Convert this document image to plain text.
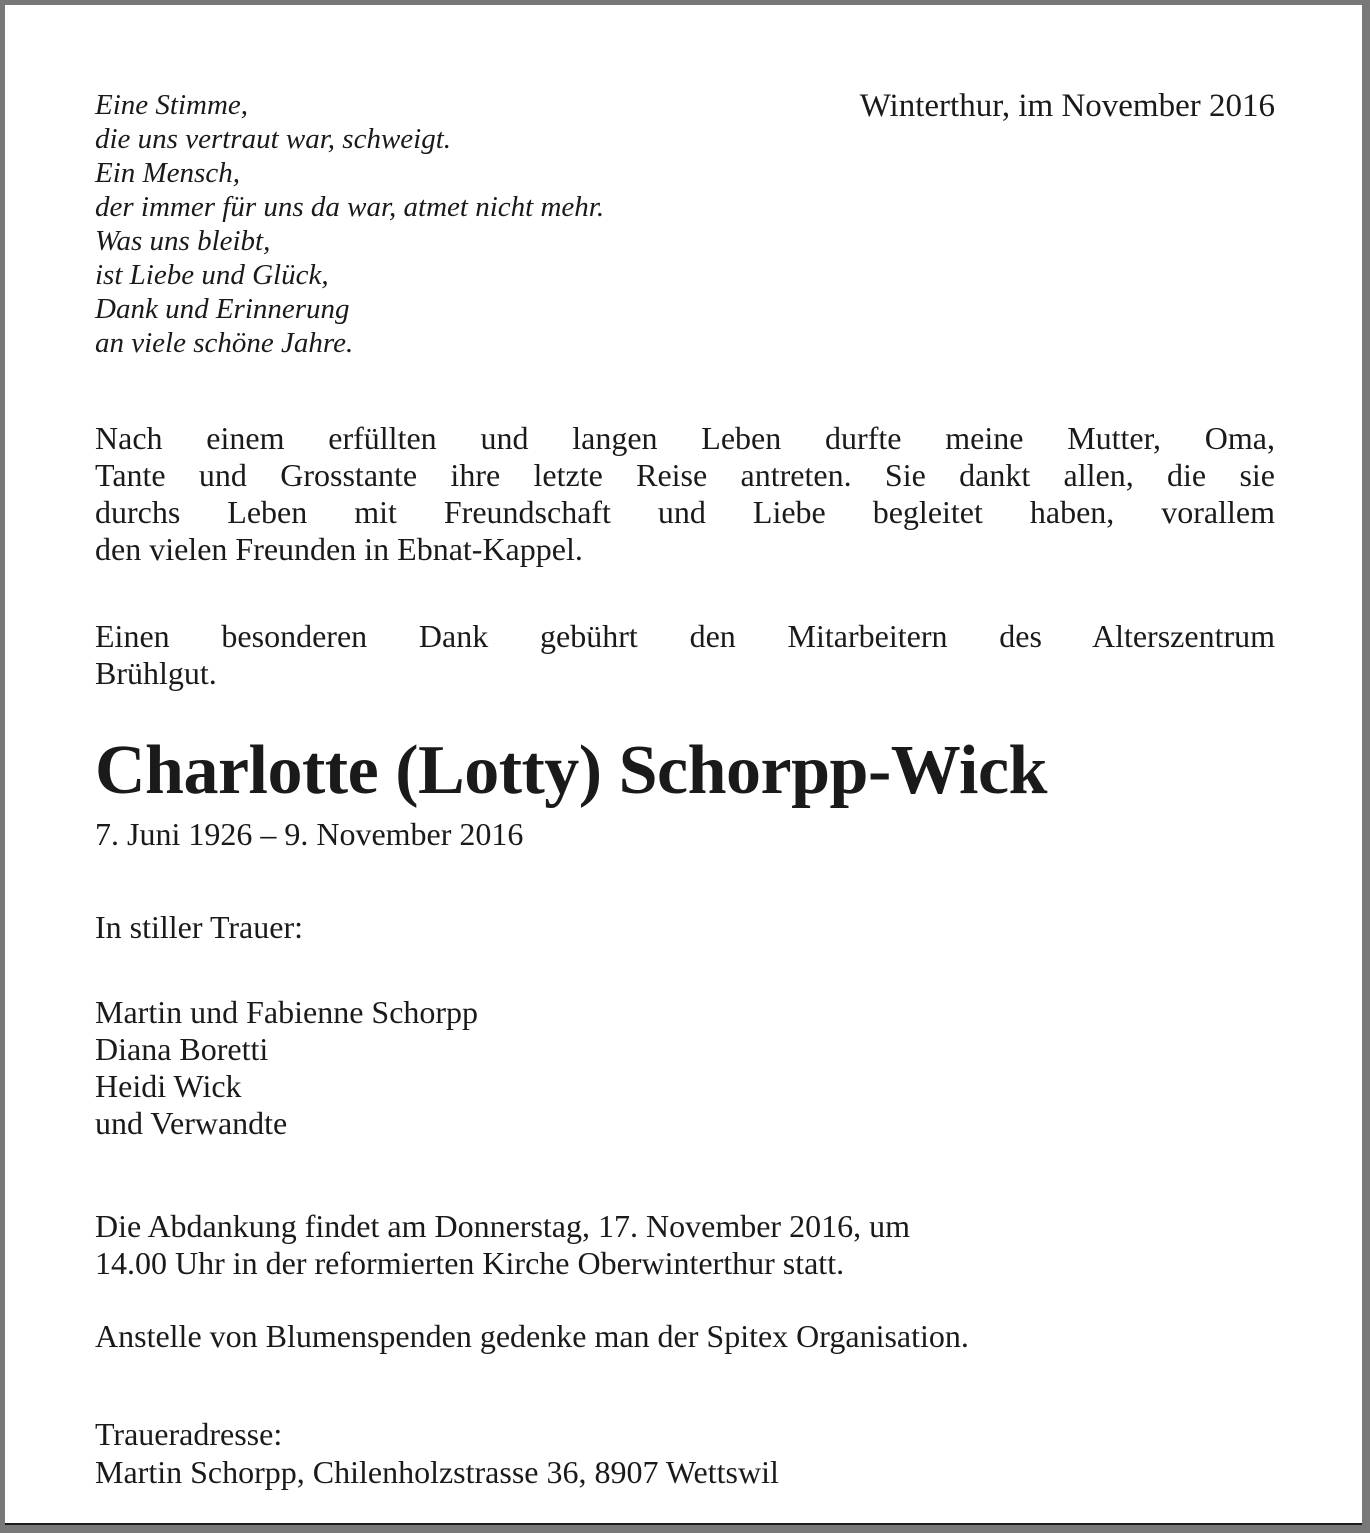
Eine Stimme,
die uns vertraut war, schweigt.
Ein Mensch,
der immer für uns da war, atmet nicht mehr.
Was uns bleibt,
ist Liebe und Glück,
Dank und Erinnerung
an viele schöne Jahre.
Winterthur, im November 2016
Nach einem erfüllten und langen Leben durfte meine Mutter, Oma,
Tante und Grosstante ihre letzte Reise antreten. Sie dankt allen, die sie
durchs Leben mit Freundschaft und Liebe begleitet haben, vorallem
den vielen Freunden in Ebnat-Kappel.
Einen besonderen Dank gebührt den Mitarbeitern des Alterszentrum
Brühlgut.
Charlotte (Lotty) Schorpp-Wick
7. Juni 1926 – 9. November 2016
In stiller Trauer:
Martin und Fabienne Schorpp
Diana Boretti
Heidi Wick
und Verwandte
Die Abdankung findet am Donnerstag, 17. November 2016, um
14.00 Uhr in der reformierten Kirche Oberwinterthur statt.
Anstelle von Blumenspenden gedenke man der Spitex Organisation.
Traueradresse:
Martin Schorpp, Chilenholzstrasse 36, 8907 Wettswil
